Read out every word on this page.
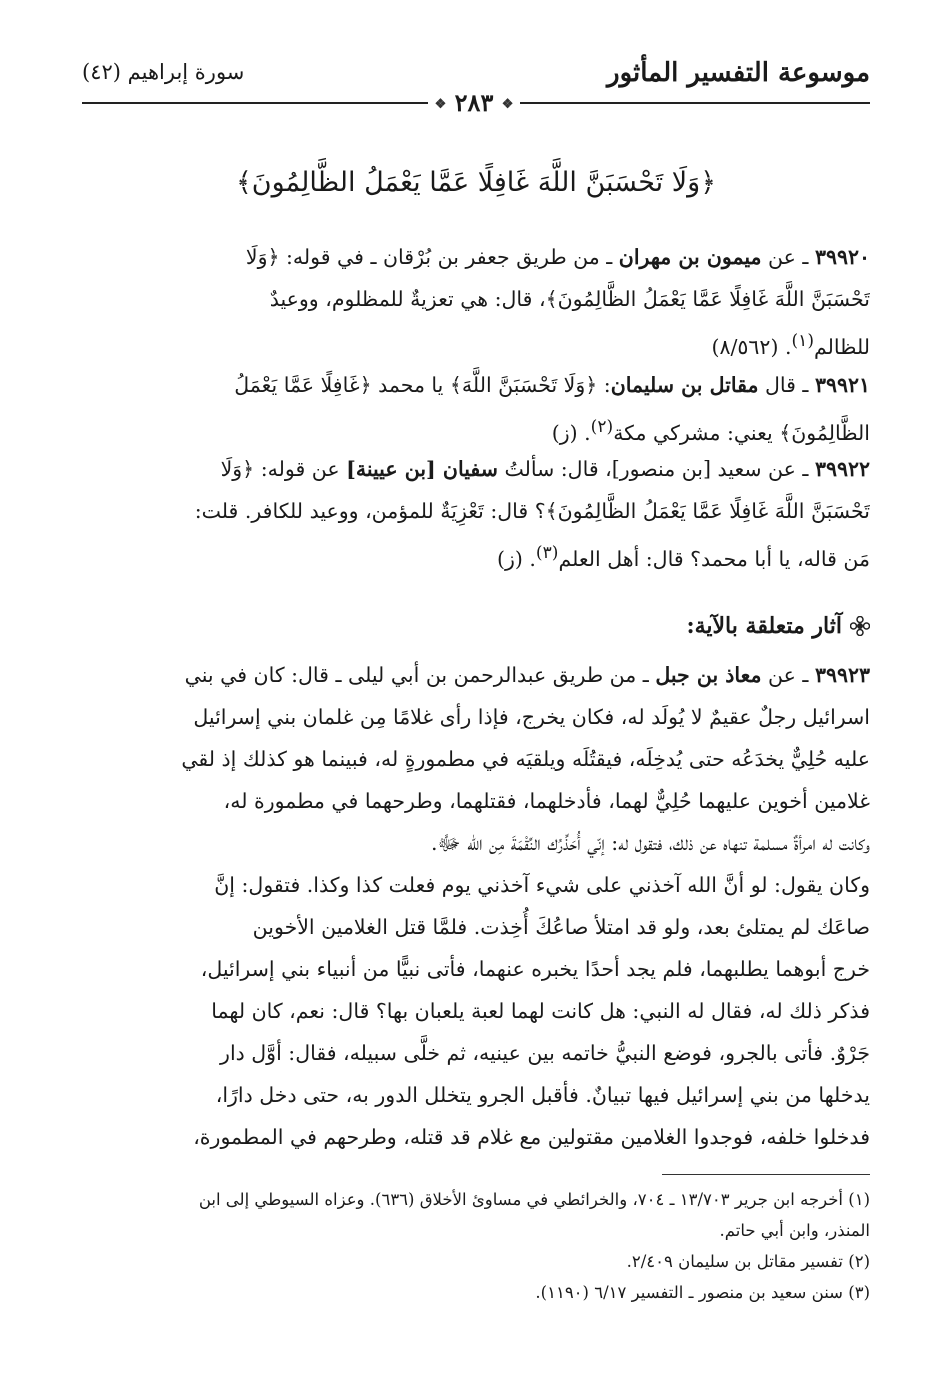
موسوعة التفسير المأثور
سورة إبراهيم (٤٢)
❖ ٢٨٣ ❖
﴿وَلَا تَحْسَبَنَّ اللَّهَ غَافِلًا عَمَّا يَعْمَلُ الظَّالِمُونَ﴾
٣٩٩٢٠ ـ عن ميمون بن مهران ـ من طريق جعفر بن بُرْقان ـ في قوله: ﴿وَلَا
تَحْسَبَنَّ اللَّهَ غَافِلًا عَمَّا يَعْمَلُ الظَّالِمُونَ﴾، قال: هي تعزيةٌ للمظلوم، ووعيدٌ
للظالم$^{(١)}$. (٨/٥٦٢)
٣٩٩٢١ ـ قال مقاتل بن سليمان: ﴿وَلَا تَحْسَبَنَّ اللَّهَ﴾ يا محمد ﴿غَافِلًا عَمَّا يَعْمَلُ
الظَّالِمُونَ﴾ يعني: مشركي مكة$^{(٢)}$. (ز)
٣٩٩٢٢ ـ عن سعيد [بن منصور]، قال: سألتُ سفيان [بن عيينة] عن قوله: ﴿وَلَا
تَحْسَبَنَّ اللَّهَ غَافِلًا عَمَّا يَعْمَلُ الظَّالِمُونَ﴾؟ قال: تَعْزِيَةٌ للمؤمن، ووعيد للكافر. قلت:
مَن قاله، يا أبا محمد؟ قال: أهل العلم$^{(٣)}$. (ز)
آثار متعلقة بالآية:
٣٩٩٢٣ ـ عن معاذ بن جبل ـ من طريق عبدالرحمن بن أبي ليلى ـ قال: كان في بني
اسرائيل رجلٌ عقيمٌ لا يُولَد له، فكان يخرج، فإذا رأى غلامًا مِن غلمان بني إسرائيل
عليه حُلِيٌّ يخدَعُه حتى يُدخِلَه، فيقتُلَه ويلقيَه في مطمورةٍ له، فبينما هو كذلك إذ لقي
غلامين أخوين عليهما حُلِيٌّ لهما، فأدخلهما، فقتلهما، وطرحهما في مطمورة له،
وكانت له امرأةٌ مسلمة تنهاه عن ذلك، فتقول له: إنّي أُحَذِّرُك النِّقْمَةَ مِن الله ﷻ.
وكان يقول: لو أنَّ الله آخذني على شيء آخذني يوم فعلت كذا وكذا. فتقول: إنَّ
صاعَك لم يمتلئ بعد، ولو قد امتلأ صاعُكَ أُخِذت. فلمَّا قتل الغلامين الأخوين
خرج أبوهما يطلبهما، فلم يجد أحدًا يخبره عنهما، فأتى نبيًّا من أنبياء بني إسرائيل،
فذكر ذلك له، فقال له النبي: هل كانت لهما لعبة يلعبان بها؟ قال: نعم، كان لهما
جَرْوٌ. فأتى بالجرو، فوضع النبيُّ خاتمه بين عينيه، ثم خلَّى سبيله، فقال: أوَّل دار
يدخلها من بني إسرائيل فيها تبيانٌ. فأقبل الجرو يتخلل الدور به، حتى دخل دارًا،
فدخلوا خلفه، فوجدوا الغلامين مقتولين مع غلام قد قتله، وطرحهم في المطمورة،
(١) أخرجه ابن جرير ١٣/٧٠٣ ـ ٧٠٤، والخرائطي في مساوئ الأخلاق (٦٣٦). وعزاه السيوطي إلى ابن
المنذر، وابن أبي حاتم.
(٢) تفسير مقاتل بن سليمان ٢/٤٠٩.
(٣) سنن سعيد بن منصور ـ التفسير ٦/١٧ (١١٩٠).
